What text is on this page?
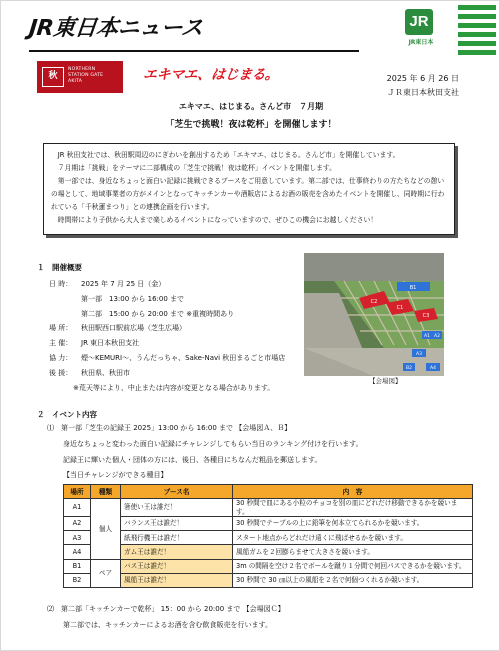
JR東日本ニュース	JR
JR東日本
秋
NORTHERN
STATION GATE
AKITA	エキマエ、はじまる。	2025 年 6 月 26 日
ＪＲ東日本秋田支社
エキマエ、はじまる。さんど市　７月期
「芝生で挑戦！夜は乾杯」を開催します！

JR 秋田支社では、秋田駅周辺のにぎわいを創出するため「エキマエ、はじまる。さんど市」を開催しています。

７月期は「挑戦」をテーマに二部構成の「芝生で挑戦！夜は乾杯」イベントを開催します。

第一部では、身近なちょっと面白い記録に挑戦できるブースをご用意しています。第二部では、仕事終わりの方たちなどの憩いの場として、地域事業者の方がメインとなってキッチンカーや酒販店によるお酒の販売を含めたイベントを開催し、同時期に行われている「千秋蓮まつり」との連携企画を行います。

時間帯により子供から大人まで楽しめるイベントになっていますので、ぜひこの機会にお越しください！

１　開催概要
日 時：	2025 年 7 月 25 日（金）
第一部　13:00 から 16:00 まで
第二部　15:00 から 20:00 まで
※重複時間あり
場 所：	秋田駅西口駅前広場（芝生広場）
主 催：	JR 東日本秋田支社
協 力：	煙〜KEMURI〜、うんだっちゃ、Sake-Navi 秋田まるごと市場店
後 援：	秋田県、秋田市
※荒天等により、中止または内容が変更となる場合があります。
B1
C2
C1
C3
A1 A2
A3
A4
B2
【会場図】
２　イベント内容
⑴　第一部「芝生の記録王 2025」13:00 から 16:00 まで 【会場図Ａ、Ｂ】
身近なちょっと変わった面白い記録にチャレンジしてもらい当日のランキング付けを行います。
記録王に輝いた個人・団体の方には、後日、各種目にちなんだ粗品を郵送します。
【当日チャレンジができる種目】
場所	種類	ブース名	内　容
A1	個人	箸使い王は誰だ！	30 秒間で皿にある小粒のチョコを別の皿にどれだけ移動できるかを競います。
A2		バランス王は誰だ！	30 秒間でテーブルの上に鉛筆を何本立てられるかを競います。
A3		紙飛行機王は誰だ！	スタート地点からどれだけ遠くに飛ばせるかを競います。
A4		ガム王は誰だ！	風船ガムを２回膨らませて大きさを競います。
B1	ペア	バス王は誰だ！	3m の間隔を空け２名でボールを蹴り１分間で何回パスできるかを競います。
B2		風船王は誰だ！	30 秒間で 30 ㎝以上の風船を２名で何個つくれるか競います。
⑵　第二部「キッチンカーで乾杯」 15：00 から 20:00 まで 【会場図Ｃ】
第二部では、キッチンカーによるお酒を含む飲食販売を行います。
